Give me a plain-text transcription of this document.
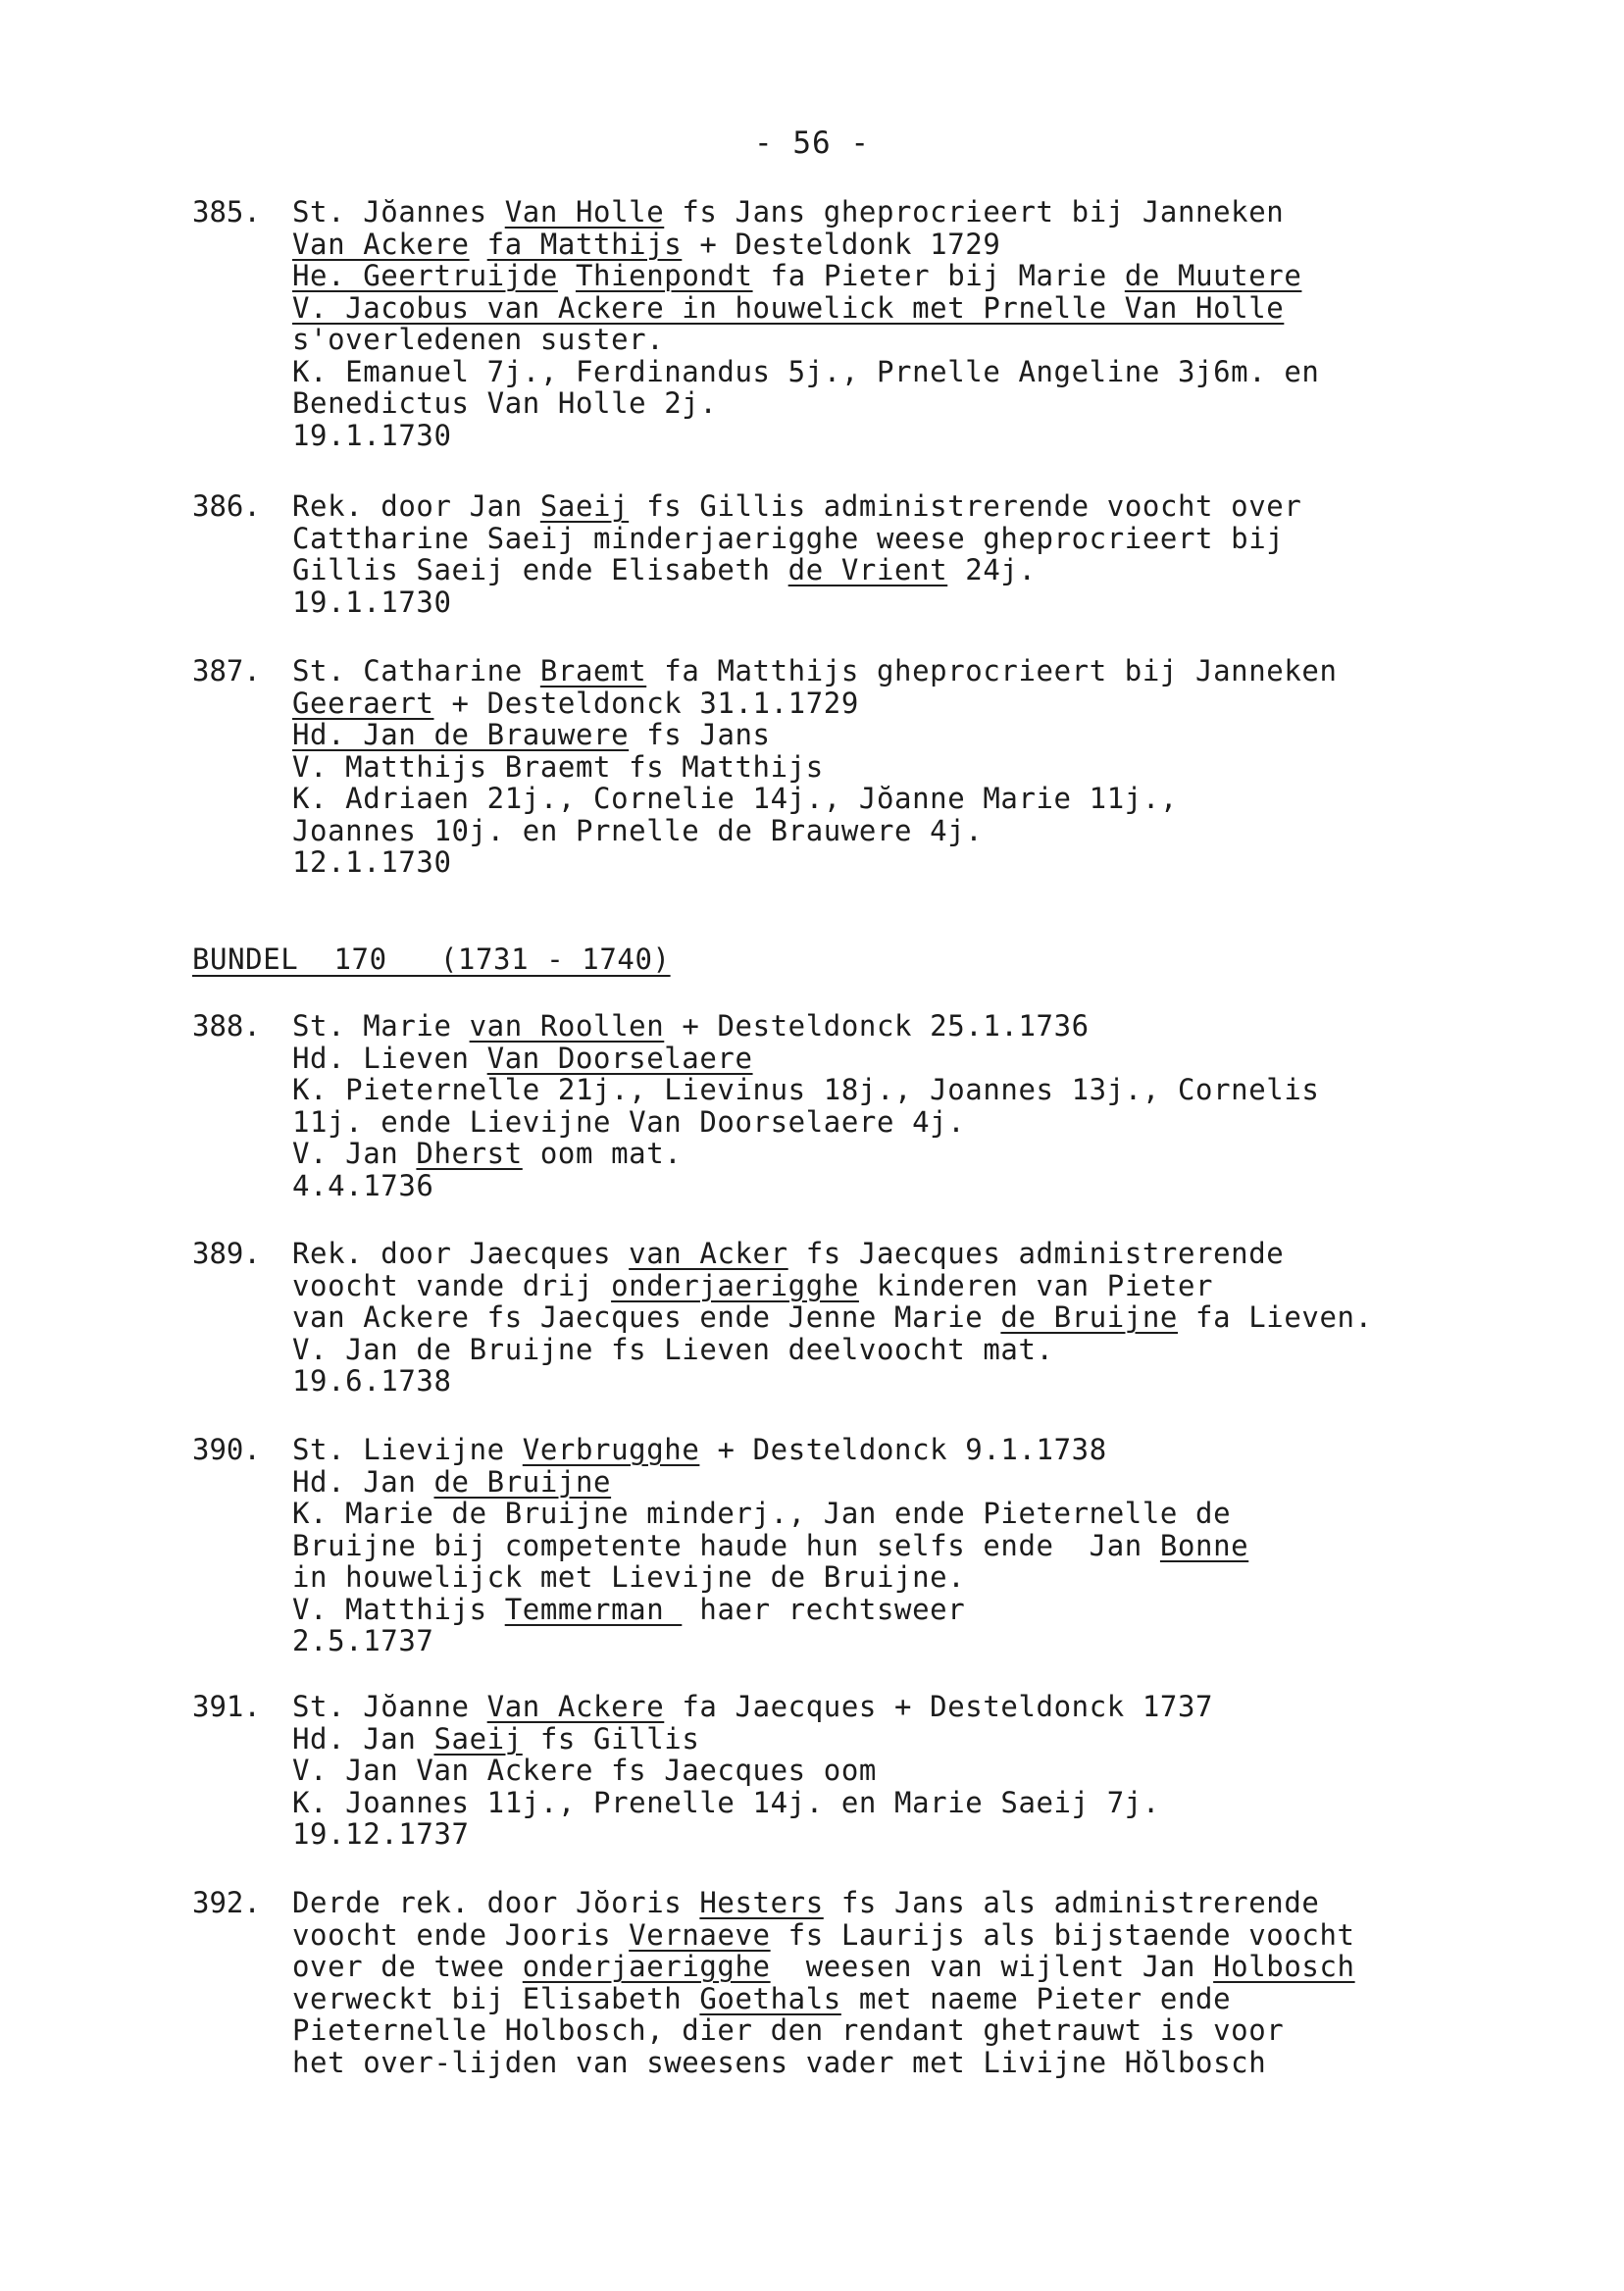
- 56 -
385.	St. Jŏannes Van Holle fs Jans gheprocrieert bij Janneken
Van Ackere fa Matthijs + Desteldonk 1729
He. Geertruijde Thienpondt fa Pieter bij Marie de Muutere
V. Jacobus van Ackere in houwelick met Prnelle Van Holle
s'overledenen suster.
K. Emanuel 7j., Ferdinandus 5j., Prnelle Angeline 3j6m. en
Benedictus Van Holle 2j.
19.1.1730
386.	Rek. door Jan Saeij fs Gillis administrerende voocht over
Cattharine Saeij minderjaerigghe weese gheprocrieert bij
Gillis Saeij ende Elisabeth de Vrient 24j.
19.1.1730
387.	St. Catharine Braemt fa Matthijs gheprocrieert bij Janneken
Geeraert + Desteldonck 31.1.1729
Hd. Jan de Brauwere fs Jans
V. Matthijs Braemt fs Matthijs
K. Adriaen 21j., Cornelie 14j., Jŏanne Marie 11j.,
Joannes 10j. en Prnelle de Brauwere 4j.
12.1.1730
BUNDEL  170   (1731 - 1740)
388.	St. Marie van Roollen + Desteldonck 25.1.1736
Hd. Lieven Van Doorselaere
K. Pieternelle 21j., Lievinus 18j., Joannes 13j., Cornelis
11j. ende Lievijne Van Doorselaere 4j.
V. Jan Dherst oom mat.
4.4.1736
389.	Rek. door Jaecques van Acker fs Jaecques administrerende
voocht vande drij onderjaerigghe kinderen van Pieter
van Ackere fs Jaecques ende Jenne Marie de Bruijne fa Lieven.
V. Jan de Bruijne fs Lieven deelvoocht mat.
19.6.1738
390.	St. Lievijne Verbrugghe + Desteldonck 9.1.1738
Hd. Jan de Bruijne
K. Marie de Bruijne minderj., Jan ende Pieternelle de
Bruijne bij competente haude hun selfs ende  Jan Bonne
in houwelijck met Lievijne de Bruijne.
V. Matthijs Temmerman  haer rechtsweer
2.5.1737
391.	St. Jŏanne Van Ackere fa Jaecques + Desteldonck 1737
Hd. Jan Saeij fs Gillis
V. Jan Van Ackere fs Jaecques oom
K. Joannes 11j., Prenelle 14j. en Marie Saeij 7j.
19.12.1737
392.	Derde rek. door Jŏoris Hesters fs Jans als administrerende
voocht ende Jooris Vernaeve fs Laurijs als bijstaende voocht
over de twee onderjaerigghe  weesen van wijlent Jan Holbosch
verweckt bij Elisabeth Goethals met naeme Pieter ende
Pieternelle Holbosch, dier den rendant ghetrauwt is voor
het over-lijden van sweesens vader met Livijne Hŏlbosch
